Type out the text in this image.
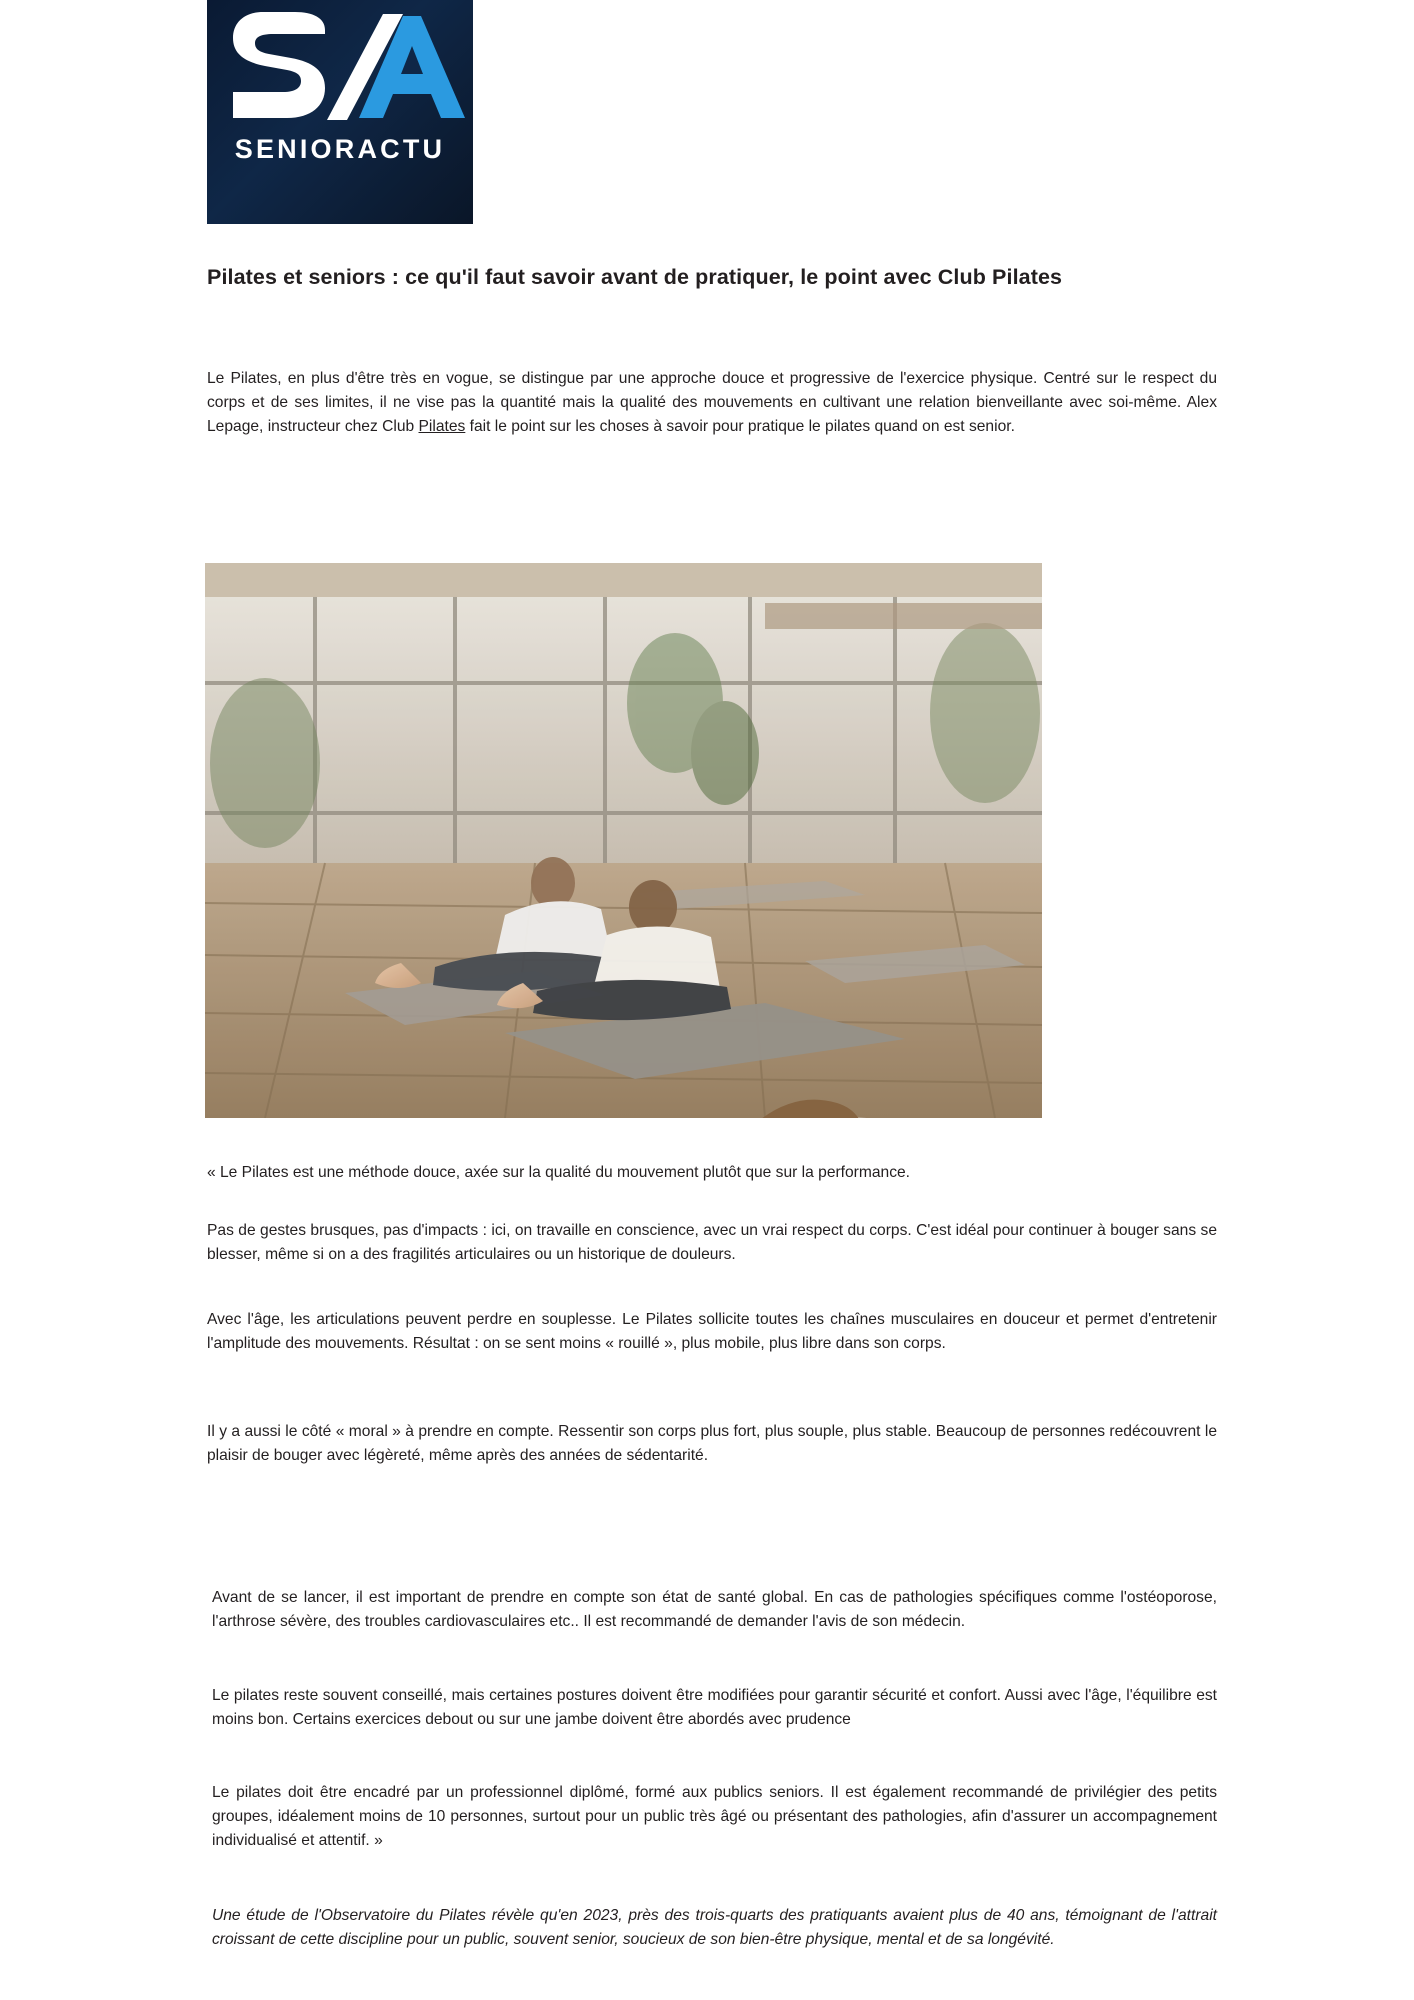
SENIORACTU
Pilates et seniors : ce qu'il faut savoir avant de pratiquer, le point avec Club Pilates
Le Pilates, en plus d'être très en vogue, se distingue par une approche douce et progressive de l'exercice physique. Centré sur le respect du corps et de ses limites, il ne vise pas la quantité mais la qualité des mouvements en cultivant une relation bienveillante avec soi-même. Alex Lepage, instructeur chez Club Pilates fait le point sur les choses à savoir pour pratique le pilates quand on est senior.

« Le Pilates est une méthode douce, axée sur la qualité du mouvement plutôt que sur la performance.

Pas de gestes brusques, pas d'impacts : ici, on travaille en conscience, avec un vrai respect du corps. C'est idéal pour continuer à bouger sans se blesser, même si on a des fragilités articulaires ou un historique de douleurs.

Avec l'âge, les articulations peuvent perdre en souplesse. Le Pilates sollicite toutes les chaînes musculaires en douceur et permet d'entretenir l'amplitude des mouvements. Résultat : on se sent moins « rouillé », plus mobile, plus libre dans son corps.

Il y a aussi le côté « moral » à prendre en compte. Ressentir son corps plus fort, plus souple, plus stable. Beaucoup de personnes redécouvrent le plaisir de bouger avec légèreté, même après des années de sédentarité.

Avant de se lancer, il est important de prendre en compte son état de santé global. En cas de pathologies spécifiques comme l'ostéoporose, l'arthrose sévère, des troubles cardiovasculaires etc.. Il est recommandé de demander l'avis de son médecin.

Le pilates reste souvent conseillé, mais certaines postures doivent être modifiées pour garantir sécurité et confort. Aussi avec l'âge, l'équilibre est moins bon. Certains exercices debout ou sur une jambe doivent être abordés avec prudence

Le pilates doit être encadré par un professionnel diplômé, formé aux publics seniors. Il est également recommandé de privilégier des petits groupes, idéalement moins de 10 personnes, surtout pour un public très âgé ou présentant des pathologies, afin d'assurer un accompagnement individualisé et attentif. »

Une étude de l'Observatoire du Pilates révèle qu'en 2023, près des trois-quarts des pratiquants avaient plus de 40 ans, témoignant de l'attrait croissant de cette discipline pour un public, souvent senior, soucieux de son bien-être physique, mental et de sa longévité.
